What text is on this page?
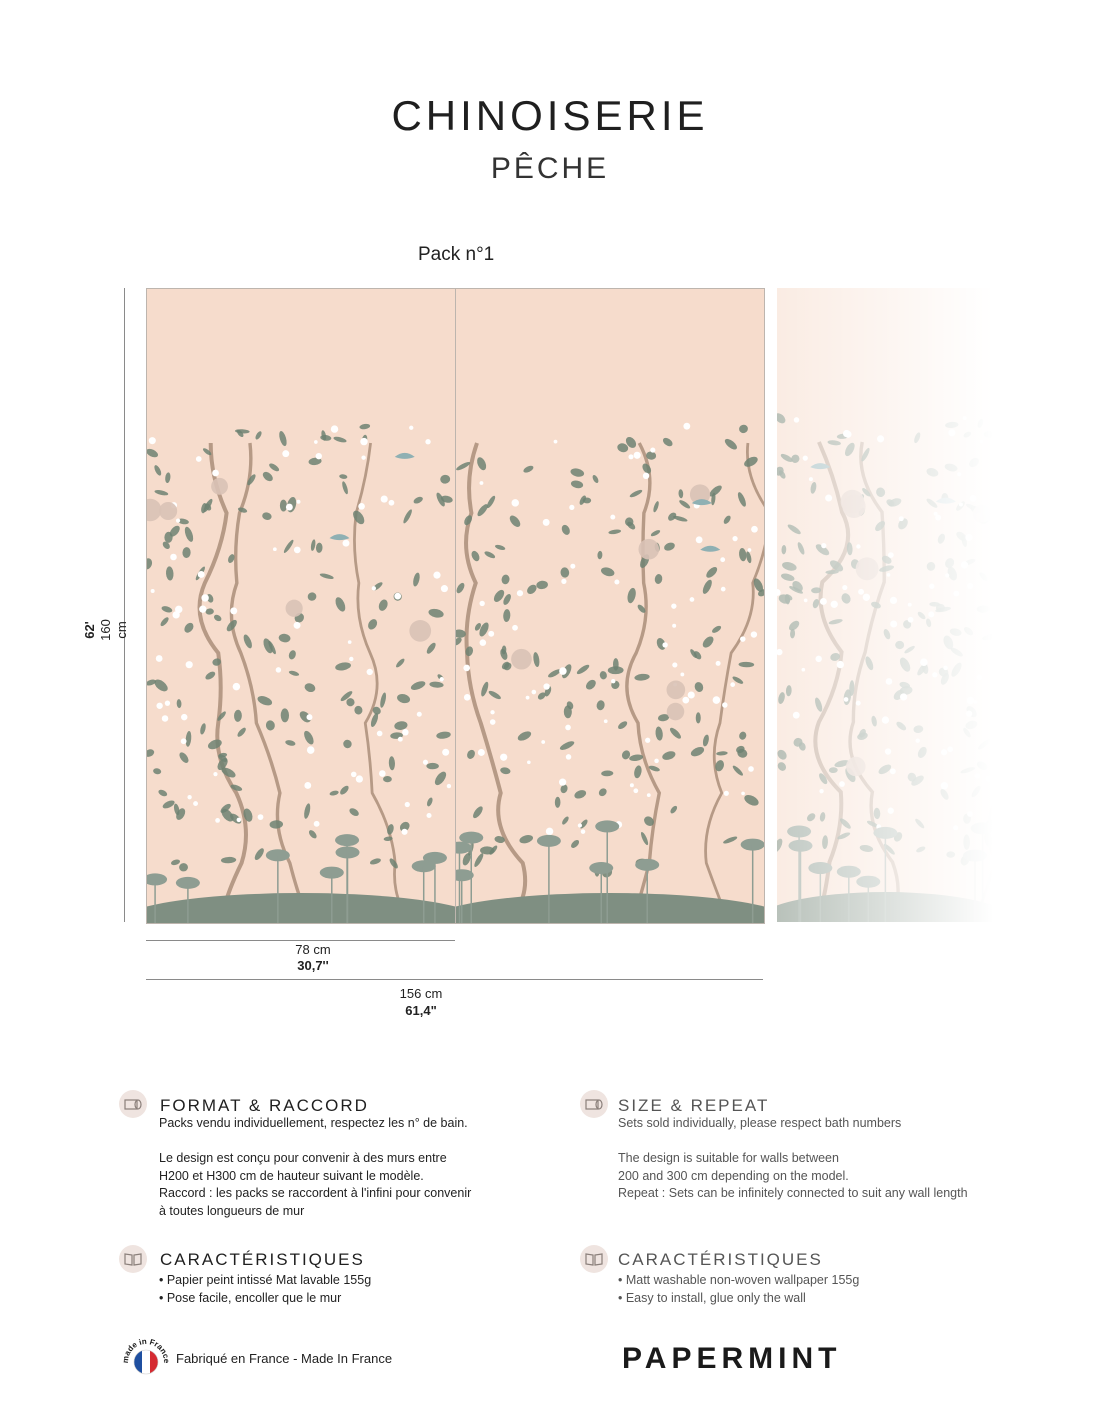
CHINOISERIE
PÊCHE
Pack n°1
62' 160 cm
78 cm
30,7''
156 cm
61,4"
FORMAT & RACCORD

Packs vendu individuellement, respectez les n° de bain.

Le design est conçu pour convenir à des murs entre

H200 et H300 cm de hauteur suivant le modèle.

Raccord : les packs se raccordent à l'infini pour convenir

à toutes longueurs de mur

SIZE & REPEAT

Sets sold individually, please respect bath numbers

The design is suitable for walls between

200 and 300 cm depending on the model.

Repeat : Sets can be infinitely connected to suit any wall length

CARACTÉRISTIQUES

• Papier peint intissé Mat lavable 155g

• Pose facile, encoller que le mur

CARACTÉRISTIQUES

• Matt washable non-woven wallpaper 155g

• Easy to install, glue only the wall

made in France Fabriqué en France - Made In France	PAPERMINT
